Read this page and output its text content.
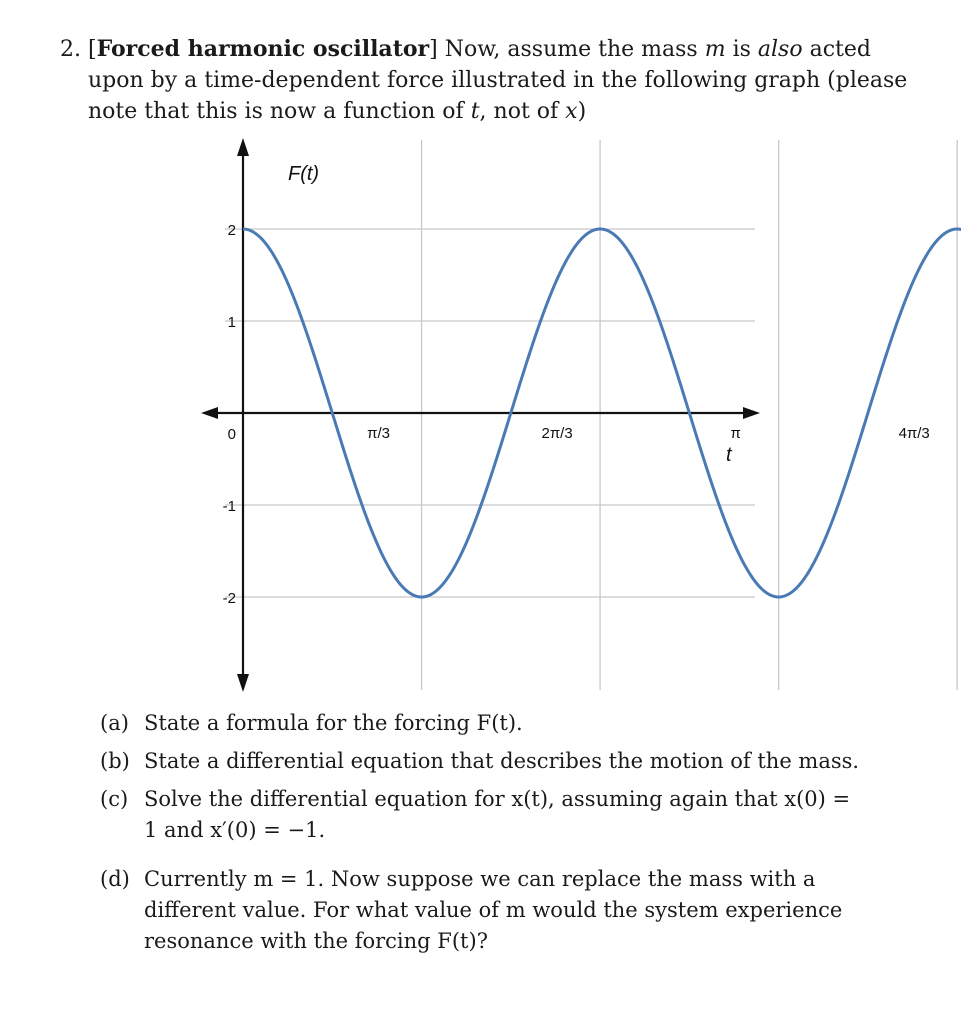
2. [Forced harmonic oscillator] Now, assume the mass m is also acted
upon by a time-dependent force illustrated in the following graph (please
note that this is now a function of t, not of x)
F(t)
t
2
1
0
-1
-2
π/3	2π/3	π	4π/3
(a) State a formula for the forcing F(t).
(b) State a differential equation that describes the motion of the mass.
(c) Solve the differential equation for x(t), assuming again that x(0) =
1 and x′(0) = −1.
(d) Currently m = 1. Now suppose we can replace the mass with a
different value. For what value of m would the system experience
resonance with the forcing F(t)?
